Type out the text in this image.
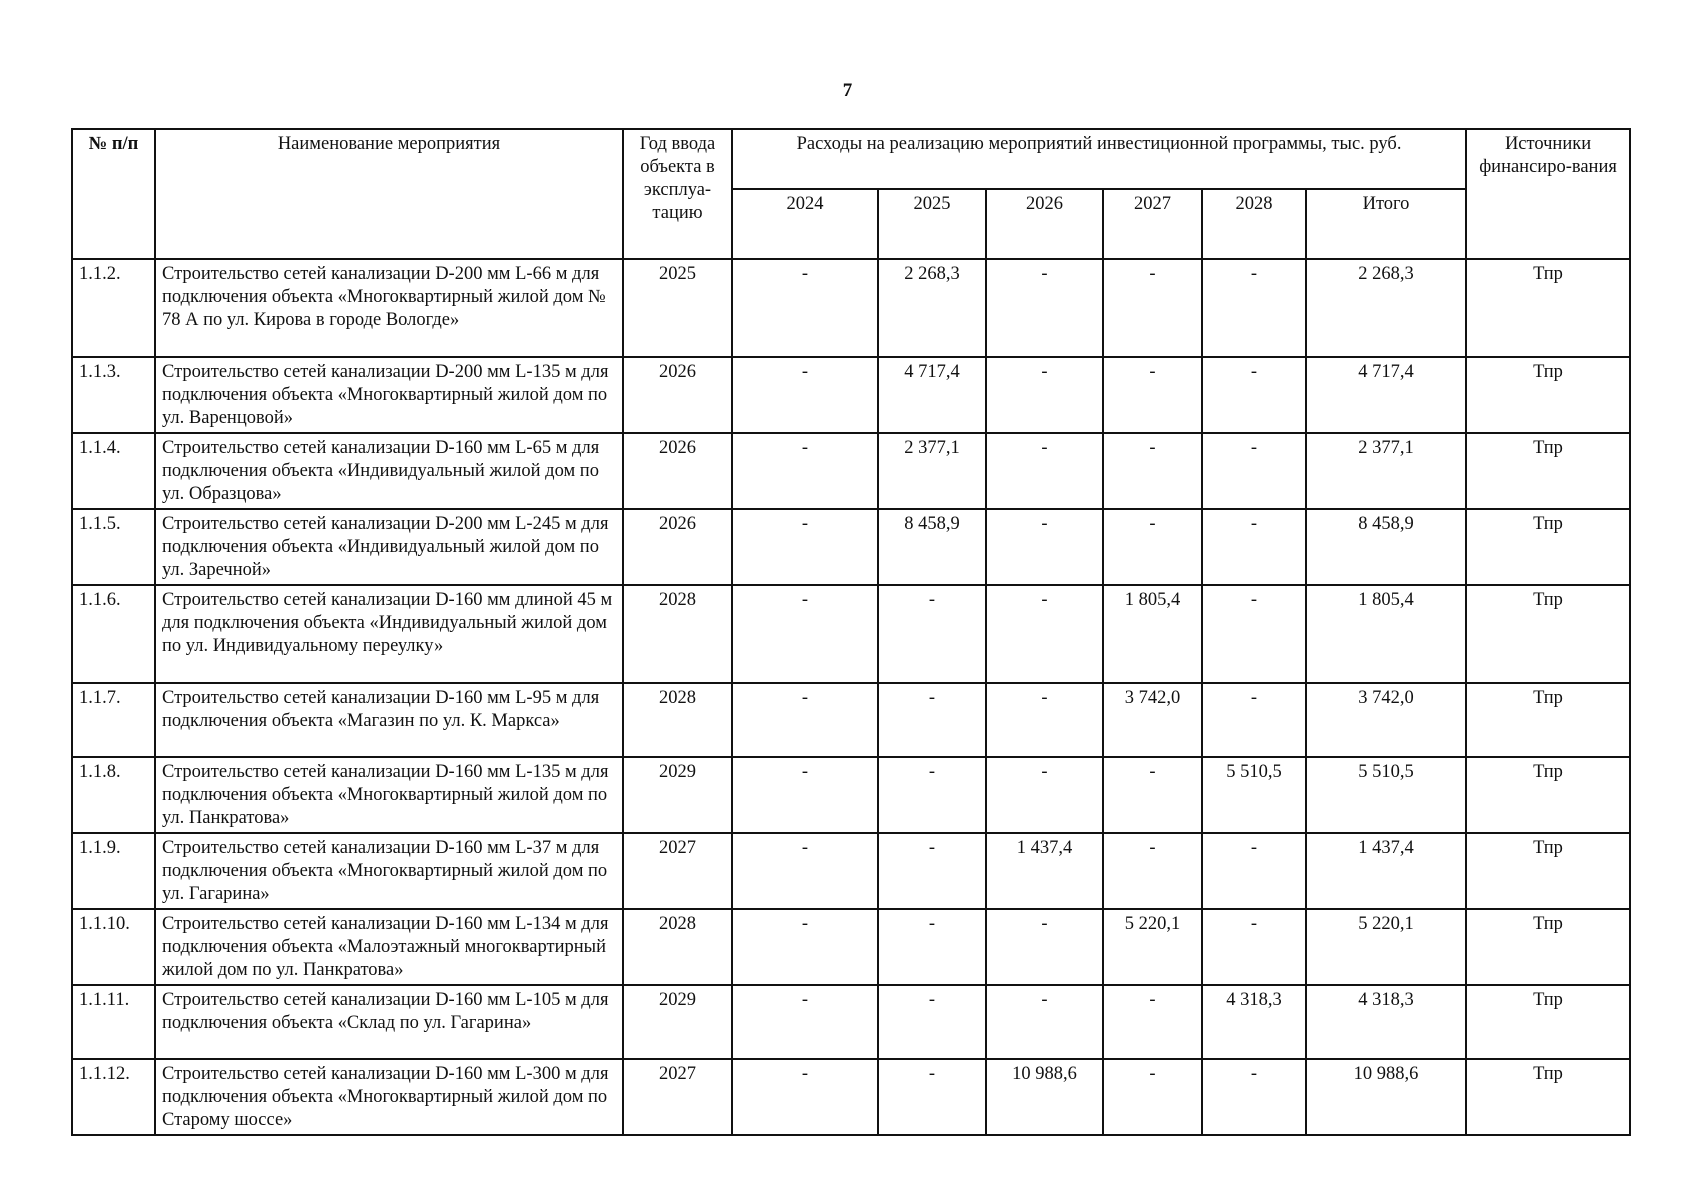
7
№ п/п	Наименование мероприятия	Год ввода объекта в эксплуа-тацию	Расходы на реализацию мероприятий инвестиционной программы, тыс. руб.						Источники финансиро-вания
			2024	2025	2026	2027	2028	Итого	
1.1.2.	Строительство сетей канализации D-200 мм L-66 м для подключения объекта «Многоквартирный жилой дом № 78 А по ул. Кирова в городе Вологде»	2025	-	2 268,3	-	-	-	2 268,3	Тпр
1.1.3.	Строительство сетей канализации D-200 мм L-135 м для подключения объекта «Многоквартирный жилой дом по ул. Варенцовой»	2026	-	4 717,4	-	-	-	4 717,4	Тпр
1.1.4.	Строительство сетей канализации D-160 мм L-65 м для подключения объекта «Индивидуальный жилой дом по ул. Образцова»	2026	-	2 377,1	-	-	-	2 377,1	Тпр
1.1.5.	Строительство сетей канализации D-200 мм L-245 м для подключения объекта «Индивидуальный жилой дом по ул. Заречной»	2026	-	8 458,9	-	-	-	8 458,9	Тпр
1.1.6.	Строительство сетей канализации D-160 мм длиной 45 м для подключения объекта «Индивидуальный жилой дом по ул. Индивидуальному переулку»	2028	-	-	-	1 805,4	-	1 805,4	Тпр
1.1.7.	Строительство сетей канализации D-160 мм L-95 м для подключения объекта «Магазин по ул. К. Маркса»	2028	-	-	-	3 742,0	-	3 742,0	Тпр
1.1.8.	Строительство сетей канализации D-160 мм L-135 м для подключения объекта «Многоквартирный жилой дом по ул. Панкратова»	2029	-	-	-	-	5 510,5	5 510,5	Тпр
1.1.9.	Строительство сетей канализации D-160 мм L-37 м для подключения объекта «Многоквартирный жилой дом по ул. Гагарина»	2027	-	-	1 437,4	-	-	1 437,4	Тпр
1.1.10.	Строительство сетей канализации D-160 мм L-134 м для подключения объекта «Малоэтажный многоквартирный жилой дом по ул. Панкратова»	2028	-	-	-	5 220,1	-	5 220,1	Тпр
1.1.11.	Строительство сетей канализации D-160 мм L-105 м для подключения объекта «Склад по ул. Гагарина»	2029	-	-	-	-	4 318,3	4 318,3	Тпр
1.1.12.	Строительство сетей канализации D-160 мм L-300 м для подключения объекта «Многоквартирный жилой дом по Старому шоссе»	2027	-	-	10 988,6	-	-	10 988,6	Тпр
